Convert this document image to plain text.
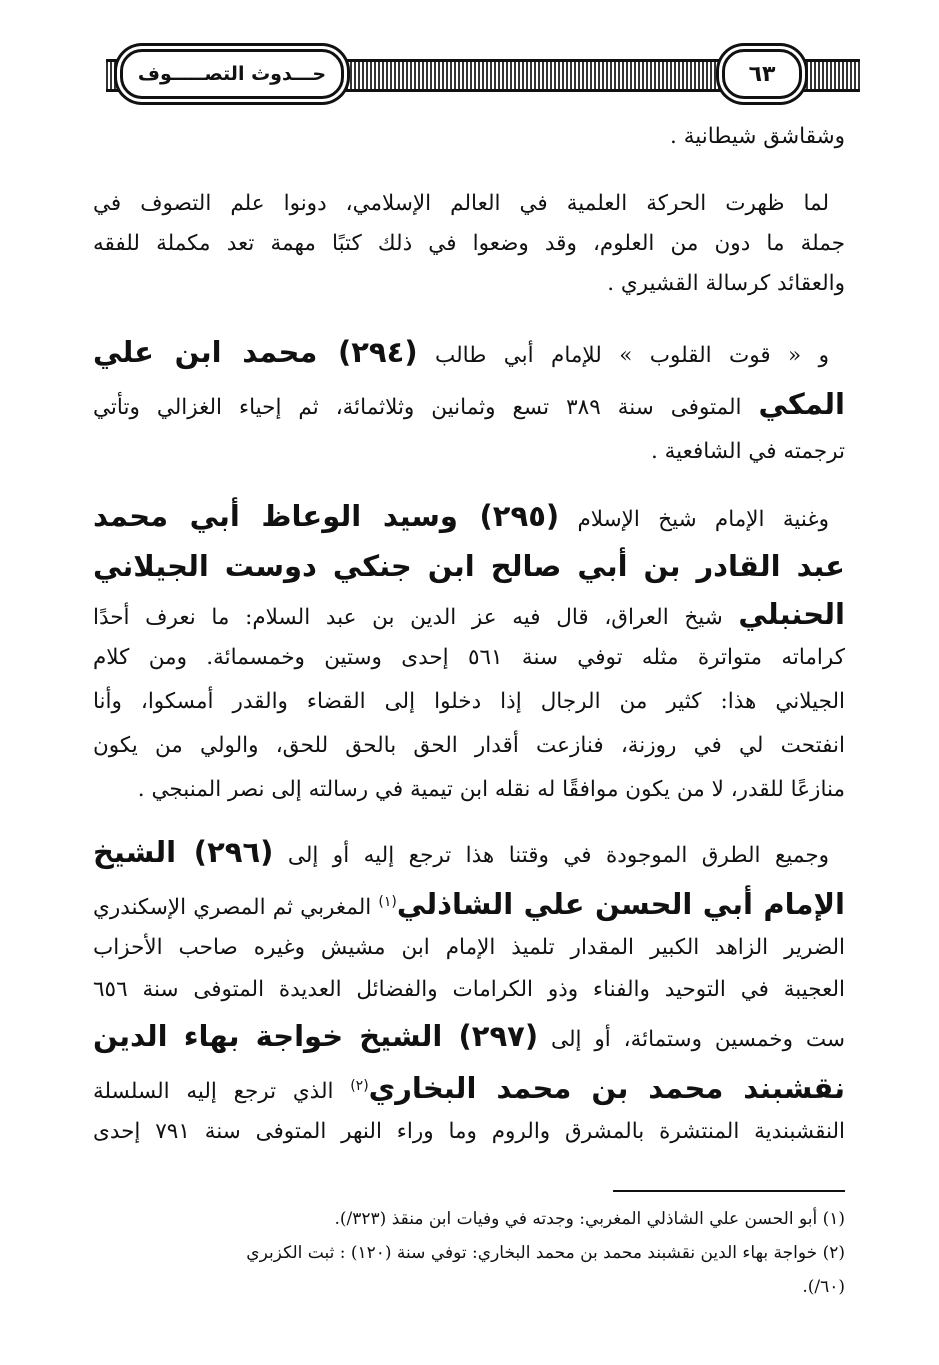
٦٣
حـــدوث التصـــــوف
وشقاشق شيطانية .
لما ظهرت الحركة العلمية في العالم الإسلامي، دونوا علم التصوف في
جملة ما دون من العلوم، وقد وضعوا في ذلك كتبًا مهمة تعد مكملة للفقه
والعقائد كرسالة القشيري .
و « قوت القلوب » للإمام أبي طالب (٢٩٤) محمد ابن علي
المكي المتوفى سنة ٣٨٩ تسع وثمانين وثلاثمائة، ثم إحياء الغزالي وتأتي
ترجمته في الشافعية .
وغنية الإمام شيخ الإسلام (٢٩٥) وسيد الوعاظ أبي محمد
عبد القادر بن أبي صالح ابن جنكي دوست الجيلاني
الحنبلي شيخ العراق، قال فيه عز الدين بن عبد السلام: ما نعرف أحدًا
كراماته متواترة مثله توفي سنة ٥٦١ إحدى وستين وخمسمائة. ومن كلام
الجيلاني هذا: كثير من الرجال إذا دخلوا إلى القضاء والقدر أمسكوا، وأنا
انفتحت لي في روزنة، فنازعت أقدار الحق بالحق للحق، والولي من يكون
منازعًا للقدر، لا من يكون موافقًا له نقله ابن تيمية في رسالته إلى نصر المنبجي .
وجميع الطرق الموجودة في وقتنا هذا ترجع إليه أو إلى (٢٩٦) الشيخ
الإمام أبي الحسن علي الشاذلي$^{(١)}$ المغربي ثم المصري الإسكندري
الضرير الزاهد الكبير المقدار تلميذ الإمام ابن مشيش وغيره صاحب الأحزاب
العجيبة في التوحيد والفناء وذو الكرامات والفضائل العديدة المتوفى سنة ٦٥٦
ست وخمسين وستمائة، أو إلى (٢٩٧) الشيخ خواجة بهاء الدين
نقشبند محمد بن محمد البخاري$^{(٢)}$ الذي ترجع إليه السلسلة
النقشبندية المنتشرة بالمشرق والروم وما وراء النهر المتوفى سنة ٧٩١ إحدى
(١) أبو الحسن علي الشاذلي المغربي: وجدته في وفيات ابن منقذ (٣٢٣/).
(٢) خواجة بهاء الدين نقشبند محمد بن محمد البخاري: توفي سنة (١٢٠) : ثبت الكزبري
(٦٠/).
